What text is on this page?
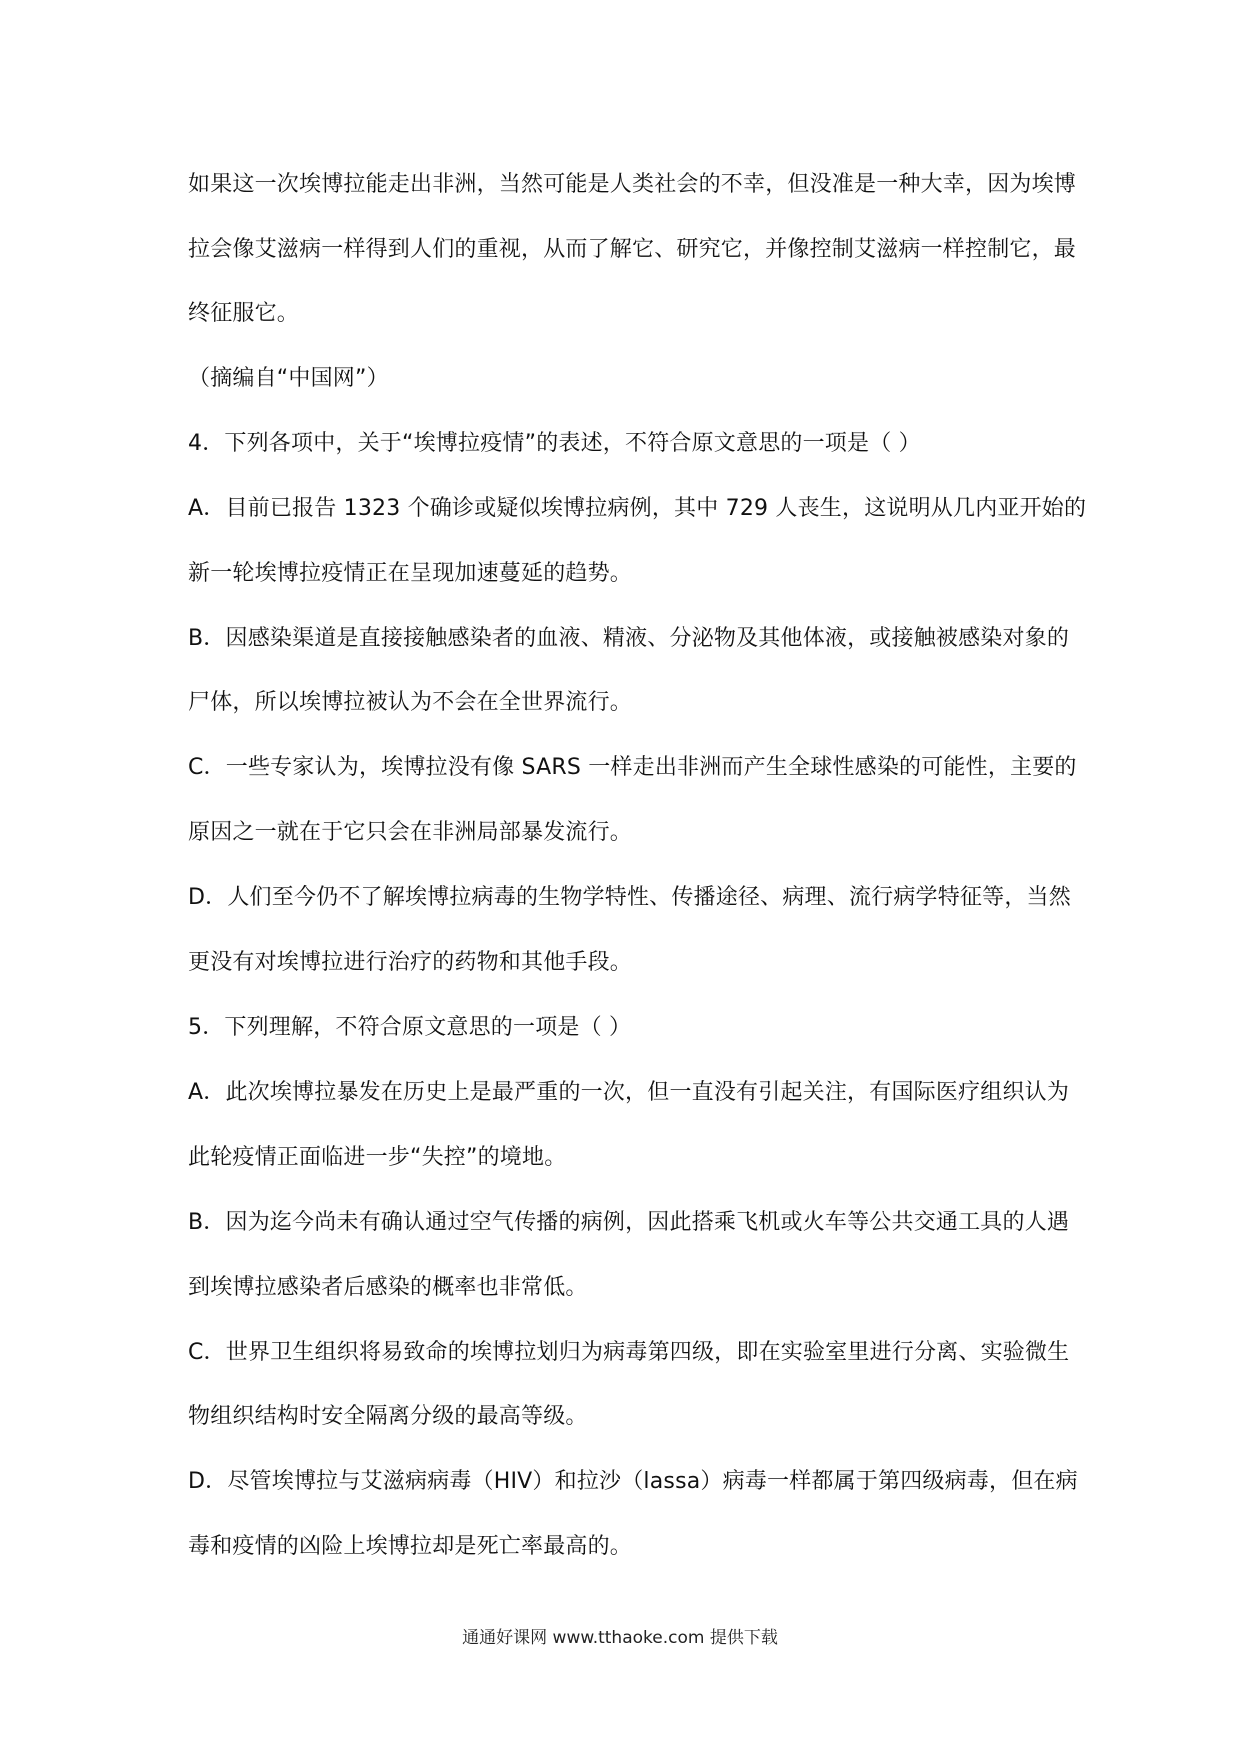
如果这一次埃博拉能走出非洲，当然可能是人类社会的不幸，但没准是一种大幸，因为埃博
拉会像艾滋病一样得到人们的重视，从而了解它、研究它，并像控制艾滋病一样控制它，最
终征服它。
（摘编自“中国网”）
4．下列各项中，关于“埃博拉疫情”的表述，不符合原文意思的一项是（ ）
A．目前已报告 1323 个确诊或疑似埃博拉病例，其中 729 人丧生，这说明从几内亚开始的
新一轮埃博拉疫情正在呈现加速蔓延的趋势。
B．因感染渠道是直接接触感染者的血液、精液、分泌物及其他体液，或接触被感染对象的
尸体，所以埃博拉被认为不会在全世界流行。
C．一些专家认为，埃博拉没有像 SARS 一样走出非洲而产生全球性感染的可能性，主要的
原因之一就在于它只会在非洲局部暴发流行。
D．人们至今仍不了解埃博拉病毒的生物学特性、传播途径、病理、流行病学特征等，当然
更没有对埃博拉进行治疗的药物和其他手段。
5．下列理解，不符合原文意思的一项是（ ）
A．此次埃博拉暴发在历史上是最严重的一次，但一直没有引起关注，有国际医疗组织认为
此轮疫情正面临进一步“失控”的境地。
B．因为迄今尚未有确认通过空气传播的病例，因此搭乘飞机或火车等公共交通工具的人遇
到埃博拉感染者后感染的概率也非常低。
C．世界卫生组织将易致命的埃博拉划归为病毒第四级，即在实验室里进行分离、实验微生
物组织结构时安全隔离分级的最高等级。
D．尽管埃博拉与艾滋病病毒（HIV）和拉沙（lassa）病毒一样都属于第四级病毒，但在病
毒和疫情的凶险上埃博拉却是死亡率最高的。
通通好课网 www.tthaoke.com 提供下载
